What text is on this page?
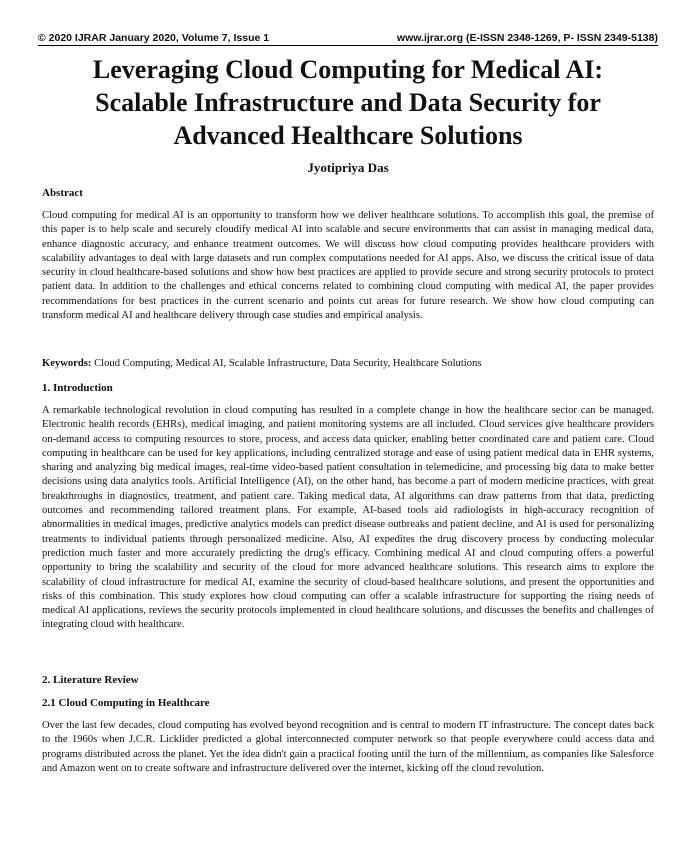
© 2020 IJRAR January 2020, Volume 7, Issue 1	www.ijrar.org (E-ISSN 2348-1269, P- ISSN 2349-5138)
Leveraging Cloud Computing for Medical AI:
Scalable Infrastructure and Data Security for
Advanced Healthcare Solutions
Jyotipriya Das
Abstract

Cloud computing for medical AI is an opportunity to transform how we deliver healthcare solutions. To accomplish this goal, the premise of this paper is to help scale and securely cloudify medical AI into scalable and secure environments that can assist in managing medical data, enhance diagnostic accuracy, and enhance treatment outcomes. We will discuss how cloud computing provides healthcare providers with scalability advantages to deal with large datasets and run complex computations needed for AI apps. Also, we discuss the critical issue of data security in cloud healthcare-based solutions and show how best practices are applied to provide secure and strong security protocols to protect patient data. In addition to the challenges and ethical concerns related to combining cloud computing with medical AI, the paper provides recommendations for best practices in the current scenario and points cut areas for future research. We show how cloud computing can transform medical AI and healthcare delivery through case studies and empirical analysis.

Keywords: Cloud Computing, Medical AI, Scalable Infrastructure, Data Security, Healthcare Solutions

1. Introduction

A remarkable technological revolution in cloud computing has resulted in a complete change in how the healthcare sector can be managed. Electronic health records (EHRs), medical imaging, and patient monitoring systems are all included. Cloud services give healthcare providers on-demand access to computing resources to store, process, and access data quicker, enabling better coordinated care and patient care. Cloud computing in healthcare can be used for key applications, including centralized storage and ease of using patient medical data in EHR systems, sharing and analyzing big medical images, real-time video-based patient consultation in telemedicine, and processing big data to make better decisions using data analytics tools. Artificial Intelligence (AI), on the other hand, has become a part of modern medicine practices, with great breakthroughs in diagnostics, treatment, and patient care. Taking medical data, AI algorithms can draw patterns from that data, predicting outcomes and recommending tailored treatment plans. For example, AI-based tools aid radiologists in high-accuracy recognition of abnormalities in medical images, predictive analytics models can predict disease outbreaks and patient decline, and AI is used for personalizing treatments to individual patients through personalized medicine. Also, AI expedites the drug discovery process by conducting molecular prediction much faster and more accurately predicting the drug's efficacy. Combining medical AI and cloud computing offers a powerful opportunity to bring the scalability and security of the cloud for more advanced healthcare solutions. This research aims to explore the scalability of cloud infrastructure for medical AI, examine the security of cloud-based healthcare solutions, and present the opportunities and risks of this combination. This study explores how cloud computing can offer a scalable infrastructure for supporting the rising needs of medical AI applications, reviews the security protocols implemented in cloud healthcare solutions, and discusses the benefits and challenges of integrating cloud with healthcare.

2. Literature Review
2.1 Cloud Computing in Healthcare

Over the last few decades, cloud computing has evolved beyond recognition and is central to modern IT infrastructure. The concept dates back to the 1960s when J.C.R. Licklider predicted a global interconnected computer network so that people everywhere could access data and programs distributed across the planet. Yet the idea didn't gain a practical footing until the turn of the millennium, as companies like Salesforce and Amazon went on to create software and infrastructure delivered over the internet, kicking off the cloud revolution.
